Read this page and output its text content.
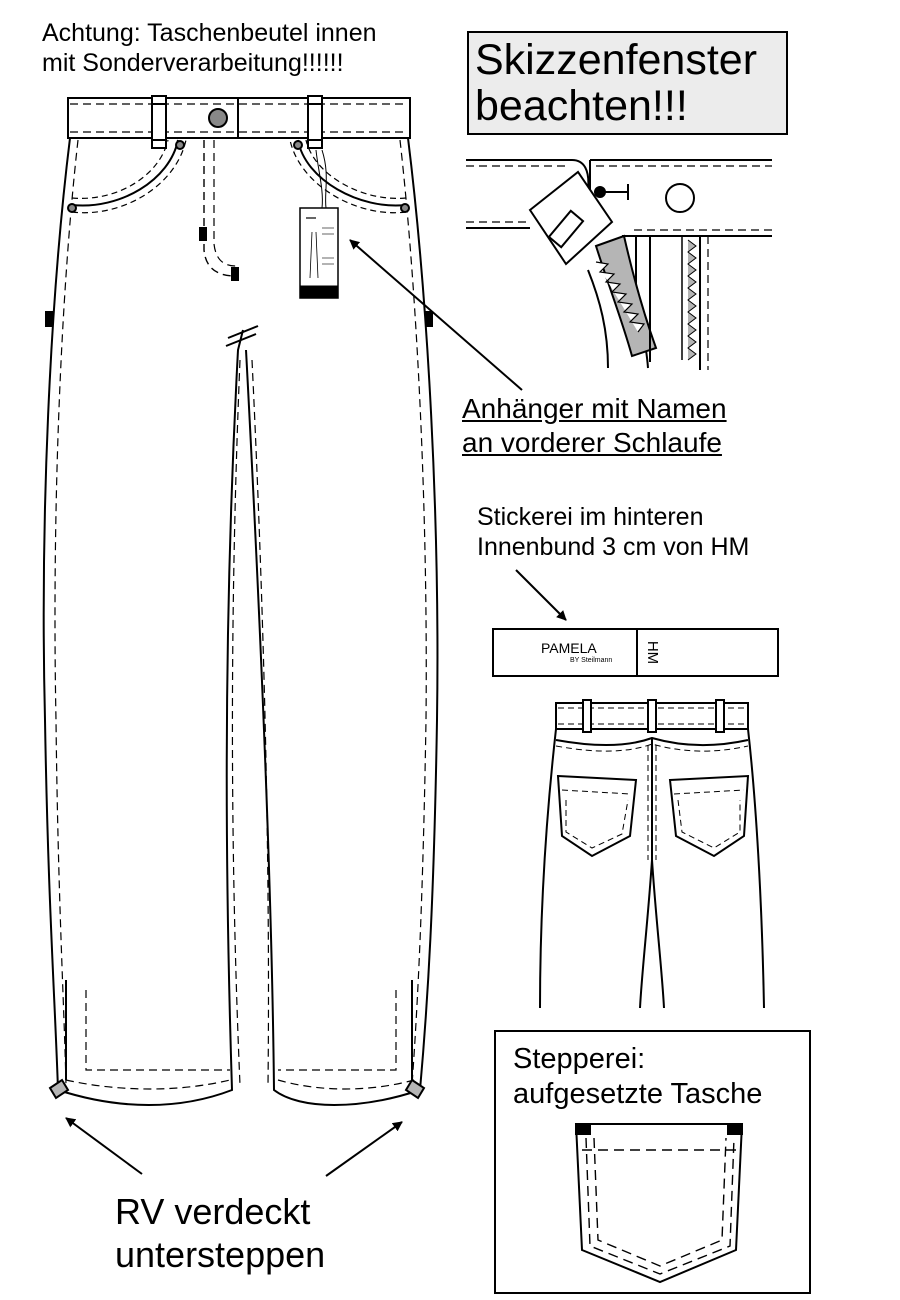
Achtung: Taschenbeutel innen
mit Sonderverarbeitung!!!!!!	Skizzenfenster
beachten!!!
Anhänger mit Namen
an vorderer Schlaufe
Stickerei im hinteren
Innenbund 3 cm von HM
PAMELA
BY Steilmann HM
RV verdeckt
untersteppen
Stepperei:
aufgesetzte Tasche
